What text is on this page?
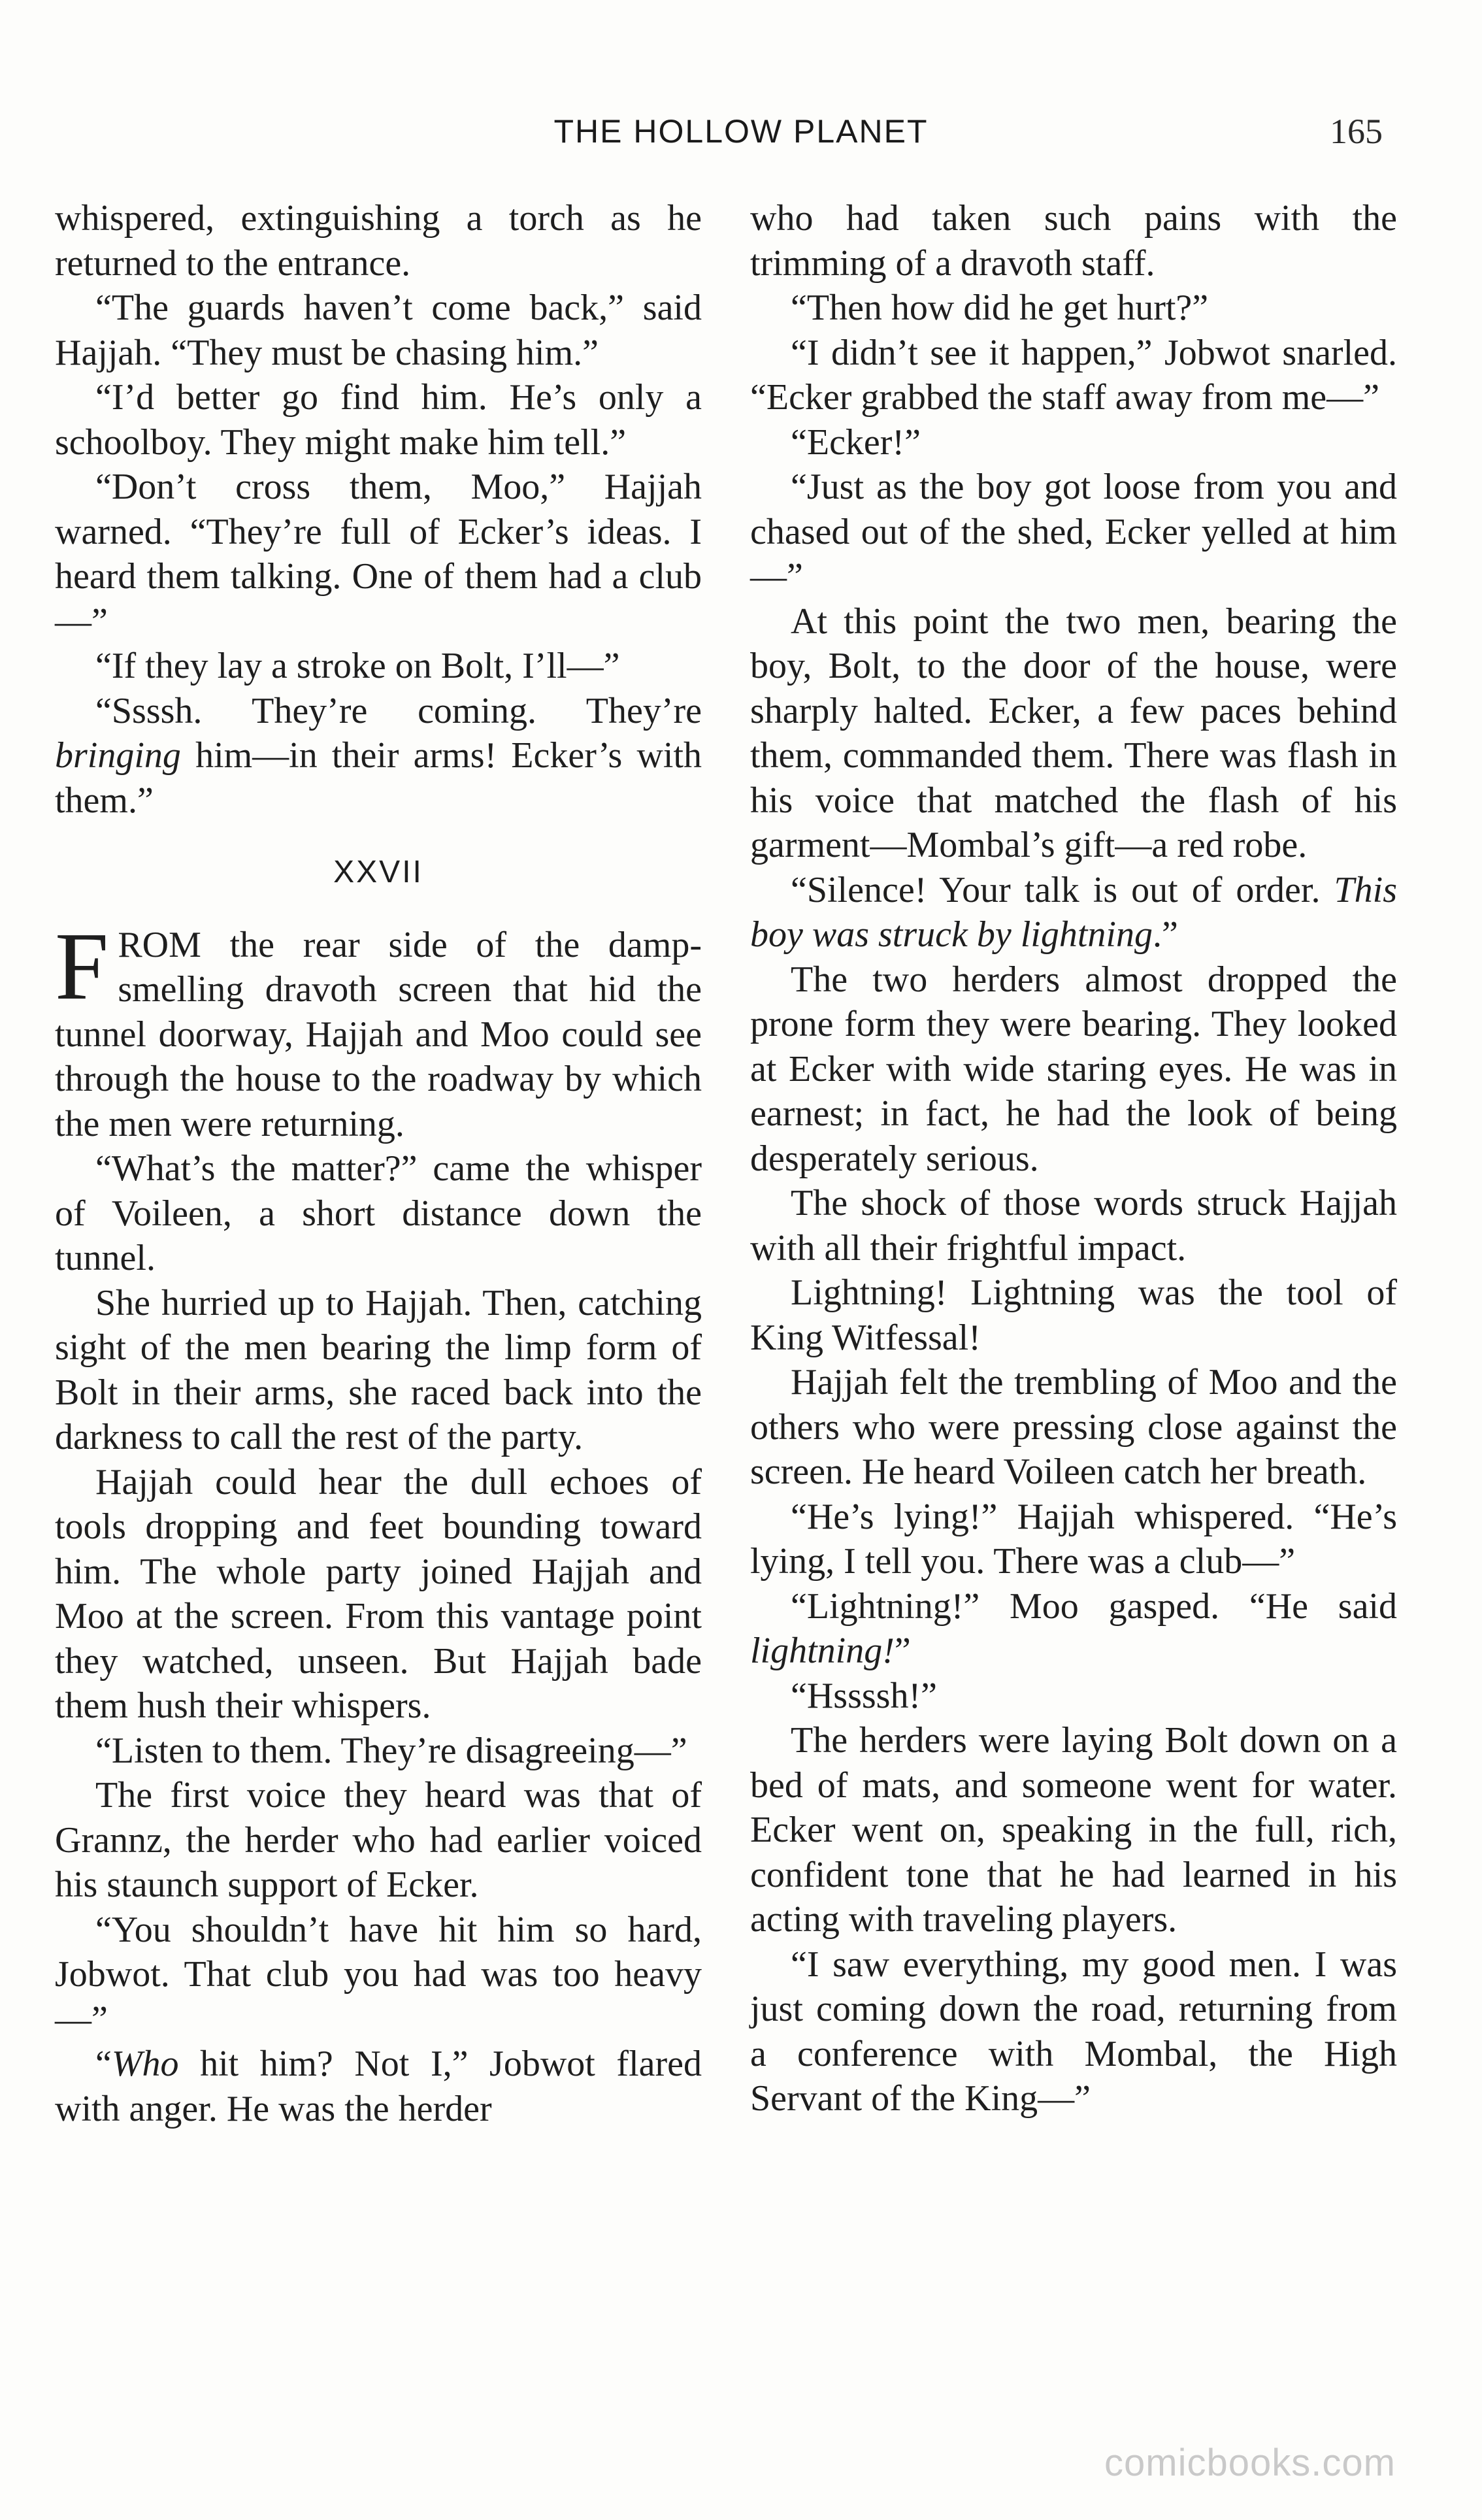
THE HOLLOW PLANET	165

whispered, extinguishing a torch as he returned to the entrance.

“The guards haven’t come back,” said Hajjah. “They must be chasing him.”

“I’d better go find him. He’s only a schoolboy. They might make him tell.”

“Don’t cross them, Moo,” Hajjah warned. “They’re full of Ecker’s ideas. I heard them talking. One of them had a club—”

“If they lay a stroke on Bolt, I’ll—”

“Ssssh. They’re coming. They’re bringing him—in their arms! Ecker’s with them.”

XXVII

FROM the rear side of the damp-smelling dravoth screen that hid the tunnel doorway, Hajjah and Moo could see through the house to the roadway by which the men were returning.

“What’s the matter?” came the whisper of Voileen, a short distance down the tunnel.

She hurried up to Hajjah. Then, catching sight of the men bearing the limp form of Bolt in their arms, she raced back into the darkness to call the rest of the party.

Hajjah could hear the dull echoes of tools dropping and feet bounding toward him. The whole party joined Hajjah and Moo at the screen. From this vantage point they watched, unseen. But Hajjah bade them hush their whispers.

“Listen to them. They’re disagreeing—”

The first voice they heard was that of Grannz, the herder who had earlier voiced his staunch support of Ecker.

“You shouldn’t have hit him so hard, Jobwot. That club you had was too heavy—”

“Who hit him? Not I,” Jobwot flared with anger. He was the herder

who had taken such pains with the trimming of a dravoth staff.

“Then how did he get hurt?”

“I didn’t see it happen,” Jobwot snarled. “Ecker grabbed the staff away from me—”

“Ecker!”

“Just as the boy got loose from you and chased out of the shed, Ecker yelled at him—”

At this point the two men, bearing the boy, Bolt, to the door of the house, were sharply halted. Ecker, a few paces behind them, commanded them. There was flash in his voice that matched the flash of his garment—Mombal’s gift—a red robe.

“Silence! Your talk is out of order. This boy was struck by lightning.”

The two herders almost dropped the prone form they were bearing. They looked at Ecker with wide staring eyes. He was in earnest; in fact, he had the look of being desperately serious.

The shock of those words struck Hajjah with all their frightful impact.

Lightning! Lightning was the tool of King Witfessal!

Hajjah felt the trembling of Moo and the others who were pressing close against the screen. He heard Voileen catch her breath.

“He’s lying!” Hajjah whispered. “He’s lying, I tell you. There was a club—”

“Lightning!” Moo gasped. “He said lightning!”

“Hssssh!”

The herders were laying Bolt down on a bed of mats, and someone went for water. Ecker went on, speaking in the full, rich, confident tone that he had learned in his acting with traveling players.

“I saw everything, my good men. I was just coming down the road, returning from a conference with Mombal, the High Servant of the King—”

comicbooks.com
